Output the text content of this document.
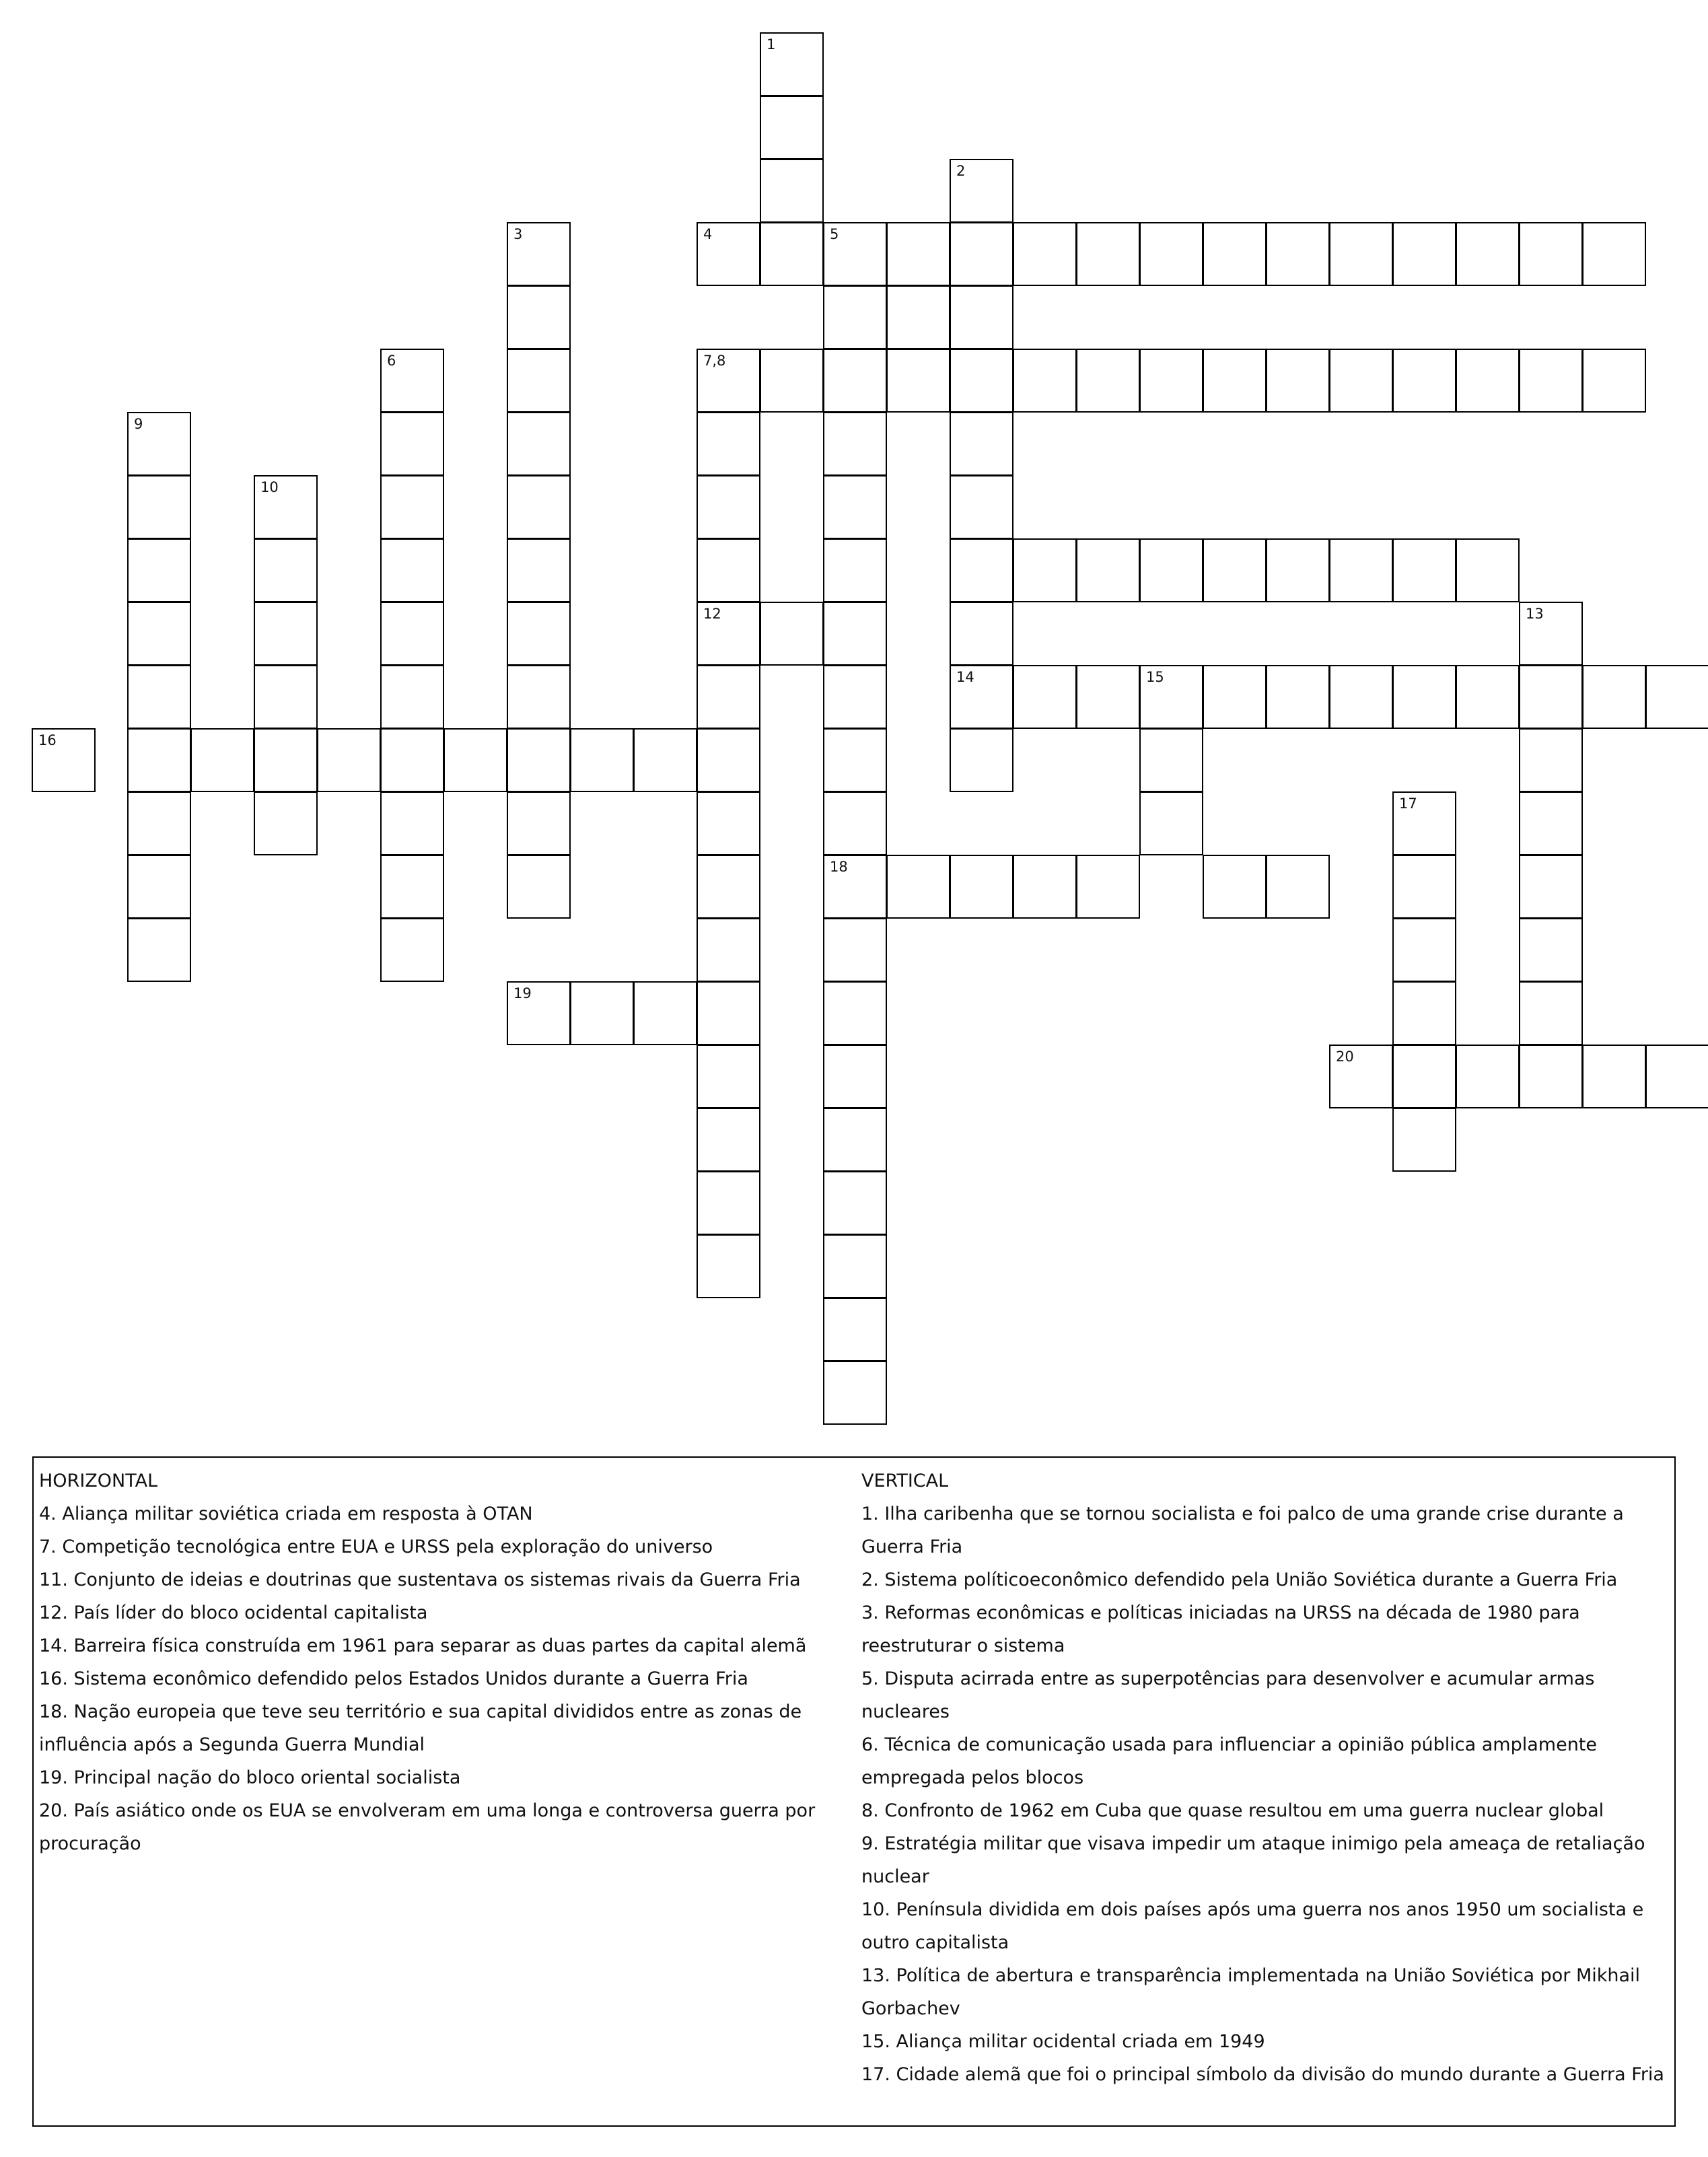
1
2
3	4	5
6	7,8
9
12
18
10
13
14	15
16
17
19
20
HORIZONTAL
4. Aliança militar soviética criada em resposta à OTAN
7. Competição tecnológica entre EUA e URSS pela exploração do universo
11. Conjunto de ideias e doutrinas que sustentava os sistemas rivais da Guerra Fria
12. País líder do bloco ocidental capitalista
14. Barreira física construída em 1961 para separar as duas partes da capital alemã
16. Sistema econômico defendido pelos Estados Unidos durante a Guerra Fria
18. Nação europeia que teve seu território e sua capital divididos entre as zonas de influência após a Segunda Guerra Mundial
19. Principal nação do bloco oriental socialista
20. País asiático onde os EUA se envolveram em uma longa e controversa guerra por procuração
VERTICAL
1. Ilha caribenha que se tornou socialista e foi palco de uma grande crise durante a Guerra Fria
2. Sistema políticoeconômico defendido pela União Soviética durante a Guerra Fria
3. Reformas econômicas e políticas iniciadas na URSS na década de 1980 para reestruturar o sistema
5. Disputa acirrada entre as superpotências para desenvolver e acumular armas nucleares
6. Técnica de comunicação usada para influenciar a opinião pública amplamente empregada pelos blocos
8. Confronto de 1962 em Cuba que quase resultou em uma guerra nuclear global
9. Estratégia militar que visava impedir um ataque inimigo pela ameaça de retaliação nuclear
10. Península dividida em dois países após uma guerra nos anos 1950 um socialista e outro capitalista
13. Política de abertura e transparência implementada na União Soviética por Mikhail Gorbachev
15. Aliança militar ocidental criada em 1949
17. Cidade alemã que foi o principal símbolo da divisão do mundo durante a Guerra Fria
